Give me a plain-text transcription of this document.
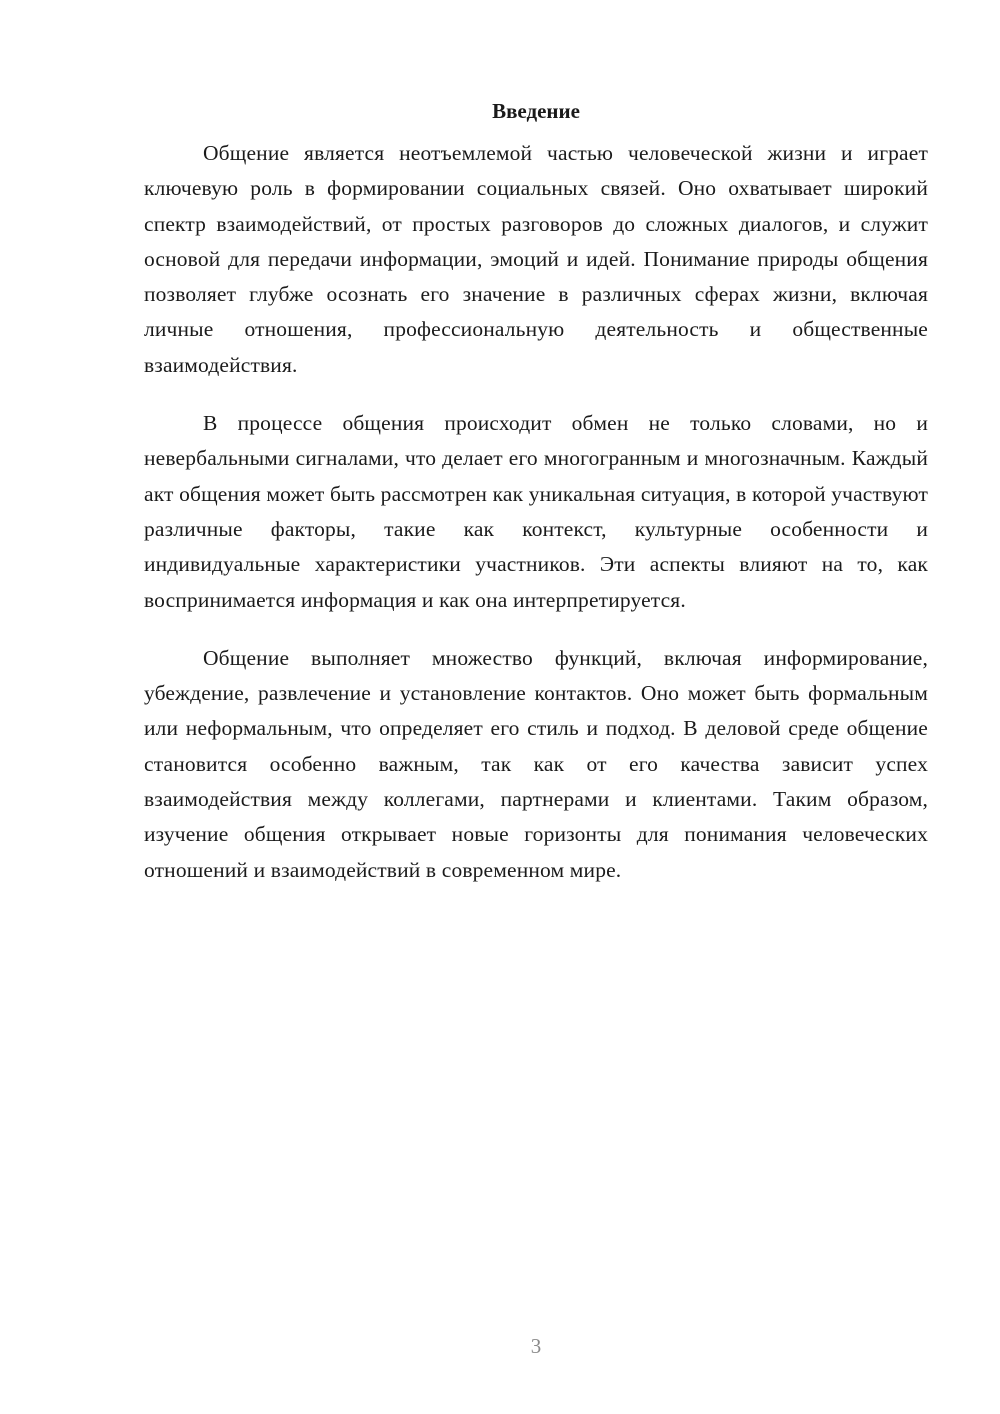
Введение

Общение является неотъемлемой частью человеческой жизни и играет ключевую роль в формировании социальных связей. Оно охватывает широкий спектр взаимодействий, от простых разговоров до сложных диалогов, и служит основой для передачи информации, эмоций и идей. Понимание природы общения позволяет глубже осознать его значение в различных сферах жизни, включая личные отношения, профессиональную деятельность и общественные взаимодействия.

В процессе общения происходит обмен не только словами, но и невербальными сигналами, что делает его многогранным и многозначным. Каждый акт общения может быть рассмотрен как уникальная ситуация, в которой участвуют различные факторы, такие как контекст, культурные особенности и индивидуальные характеристики участников. Эти аспекты влияют на то, как воспринимается информация и как она интерпретируется.

Общение выполняет множество функций, включая информирование, убеждение, развлечение и установление контактов. Оно может быть формальным или неформальным, что определяет его стиль и подход. В деловой среде общение становится особенно важным, так как от его качества зависит успех взаимодействия между коллегами, партнерами и клиентами. Таким образом, изучение общения открывает новые горизонты для понимания человеческих отношений и взаимодействий в современном мире.

3
